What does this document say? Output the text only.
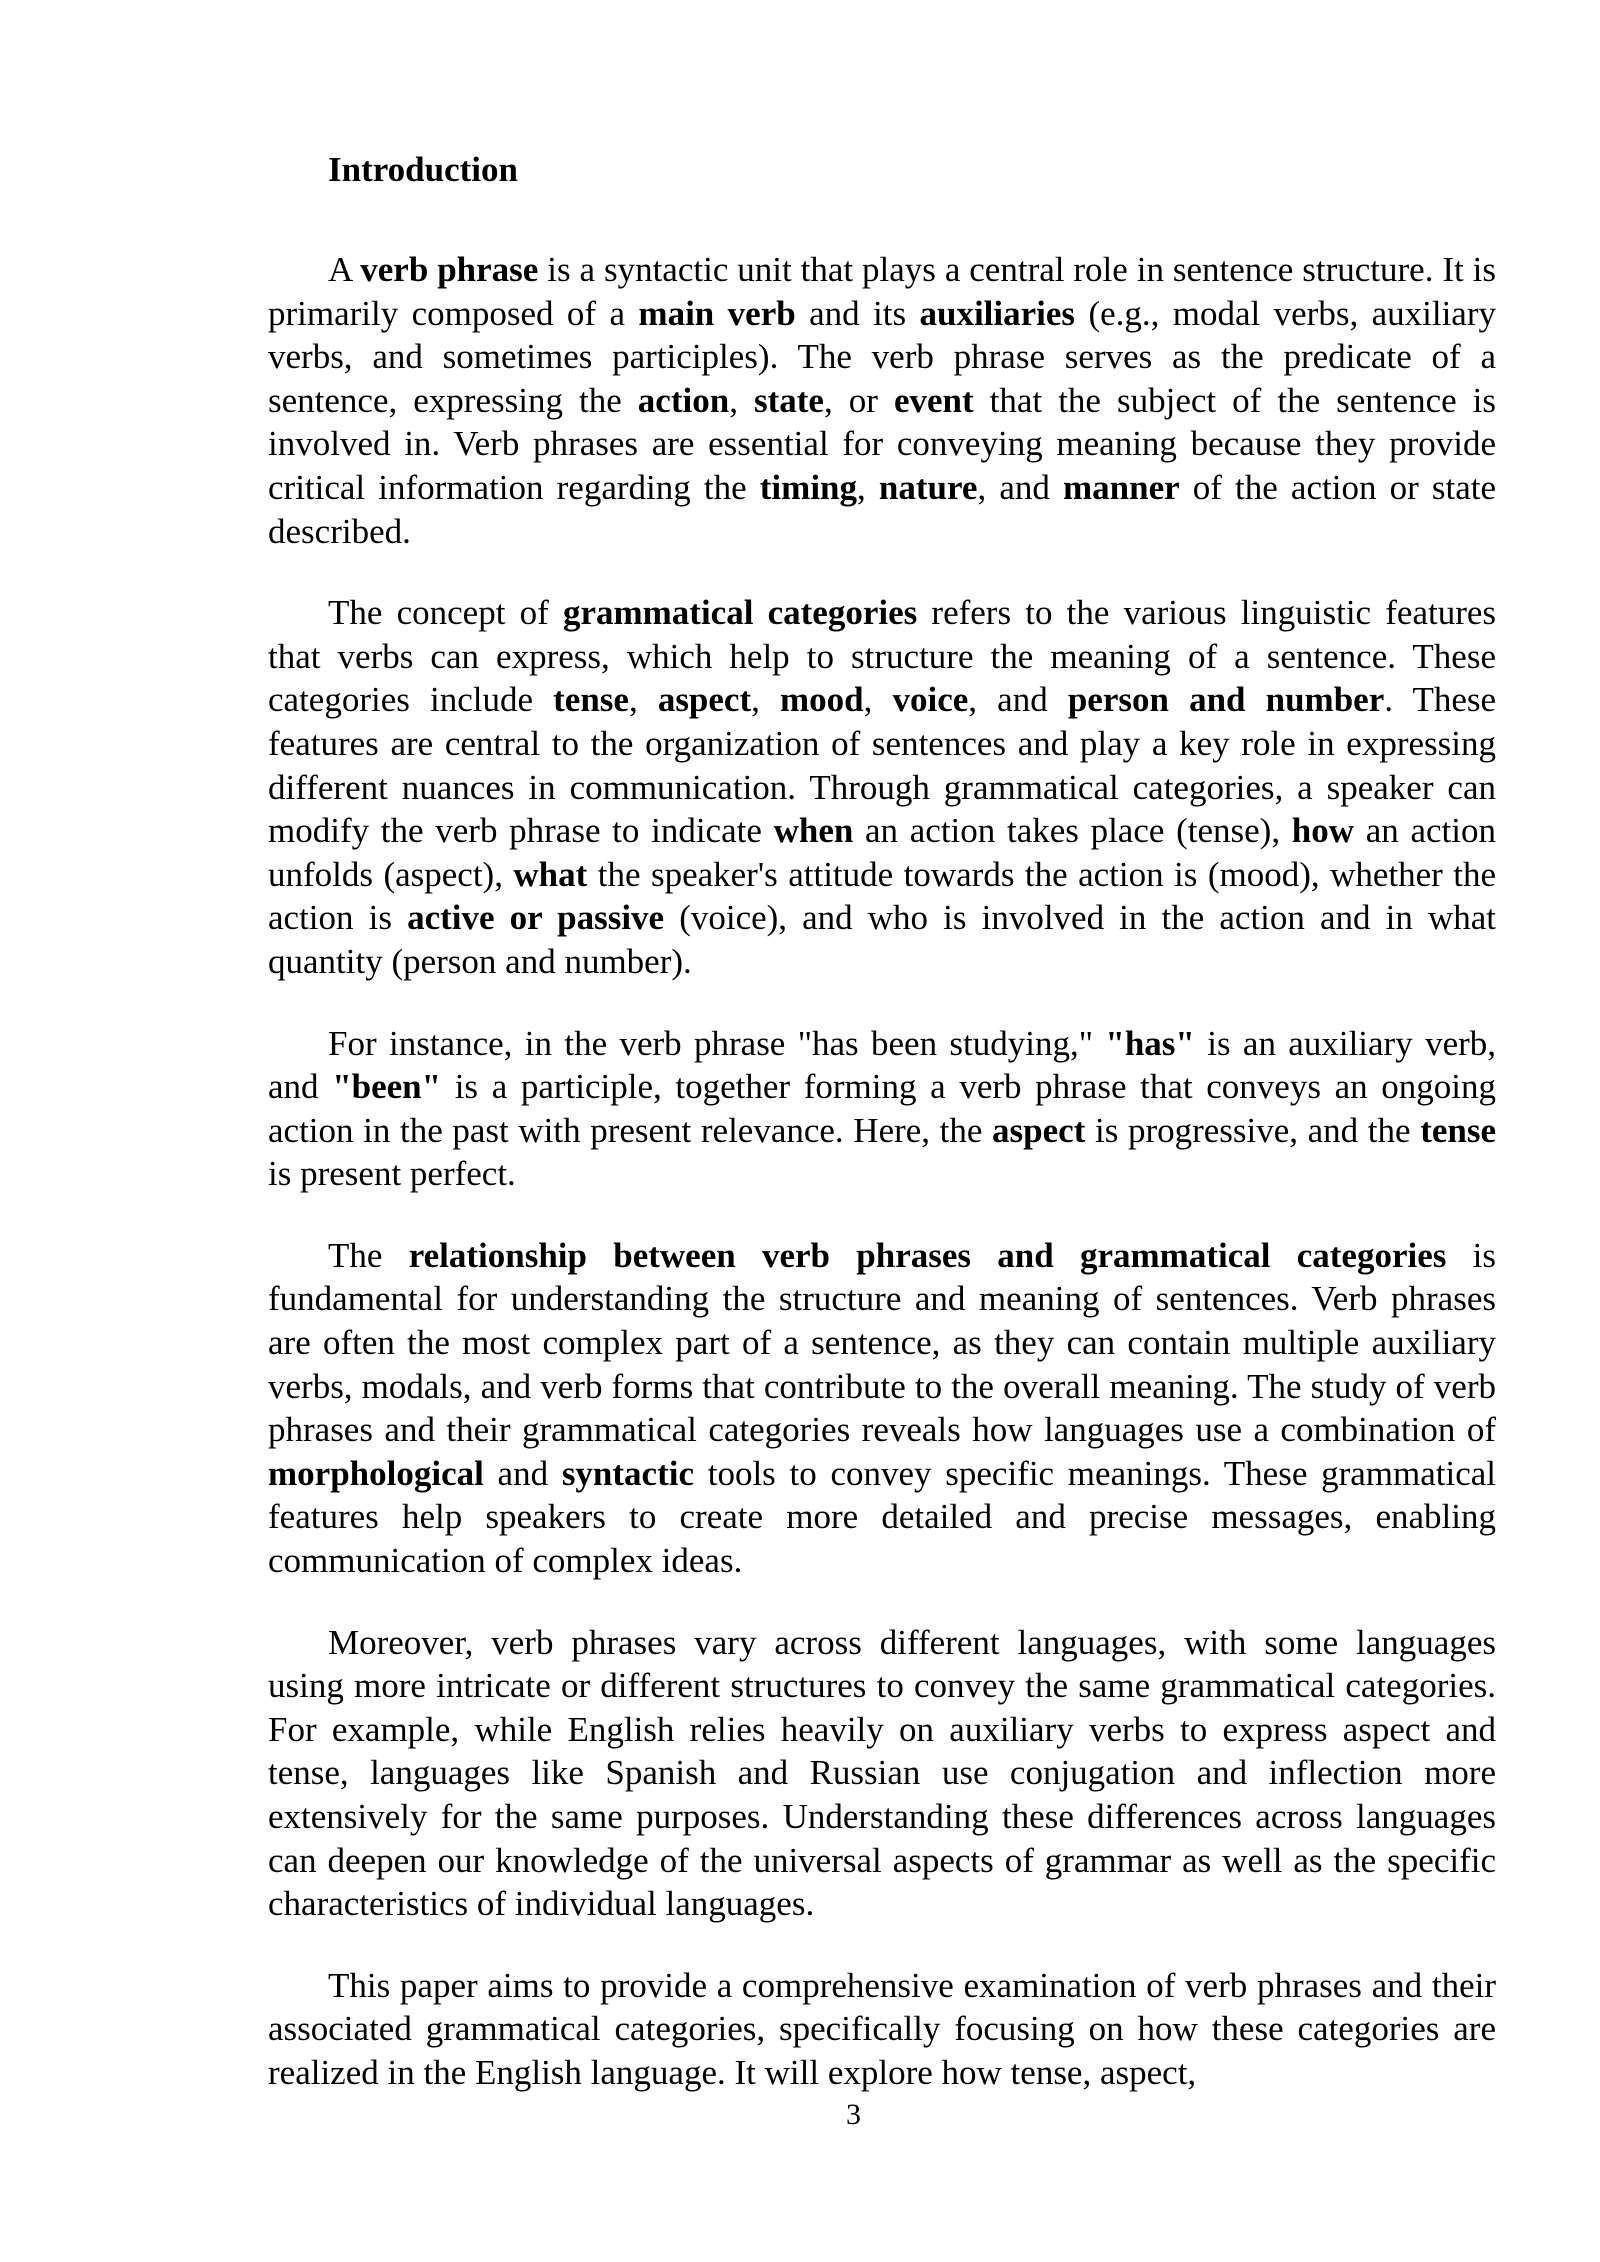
Introduction

A verb phrase is a syntactic unit that plays a central role in sentence structure. It is primarily composed of a main verb and its auxiliaries (e.g., modal verbs, auxiliary verbs, and sometimes participles). The verb phrase serves as the predicate of a sentence, expressing the action, state, or event that the subject of the sentence is involved in. Verb phrases are essential for conveying meaning because they provide critical information regarding the timing, nature, and manner of the action or state described.

The concept of grammatical categories refers to the various linguistic features that verbs can express, which help to structure the meaning of a sentence. These categories include tense, aspect, mood, voice, and person and number. These features are central to the organization of sentences and play a key role in expressing different nuances in communication. Through grammatical categories, a speaker can modify the verb phrase to indicate when an action takes place (tense), how an action unfolds (aspect), what the speaker's attitude towards the action is (mood), whether the action is active or passive (voice), and who is involved in the action and in what quantity (person and number).

For instance, in the verb phrase "has been studying," "has" is an auxiliary verb, and "been" is a participle, together forming a verb phrase that conveys an ongoing action in the past with present relevance. Here, the aspect is progressive, and the tense is present perfect.

The relationship between verb phrases and grammatical categories is fundamental for understanding the structure and meaning of sentences. Verb phrases are often the most complex part of a sentence, as they can contain multiple auxiliary verbs, modals, and verb forms that contribute to the overall meaning. The study of verb phrases and their grammatical categories reveals how languages use a combination of morphological and syntactic tools to convey specific meanings. These grammatical features help speakers to create more detailed and precise messages, enabling communication of complex ideas.

Moreover, verb phrases vary across different languages, with some languages using more intricate or different structures to convey the same grammatical categories. For example, while English relies heavily on auxiliary verbs to express aspect and tense, languages like Spanish and Russian use conjugation and inflection more extensively for the same purposes. Understanding these differences across languages can deepen our knowledge of the universal aspects of grammar as well as the specific characteristics of individual languages.

This paper aims to provide a comprehensive examination of verb phrases and their associated grammatical categories, specifically focusing on how these categories are realized in the English language. It will explore how tense, aspect,

3
